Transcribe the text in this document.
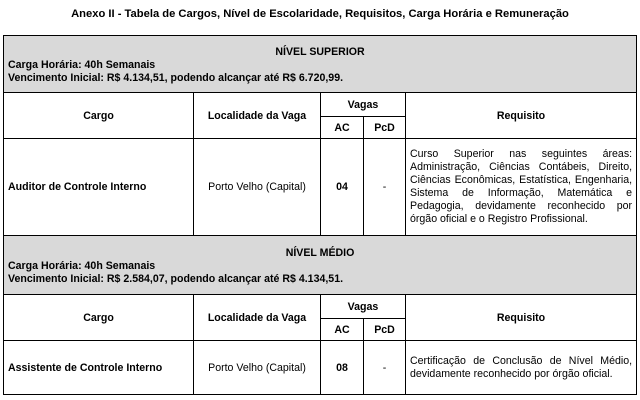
Anexo II - Tabela de Cargos, Nível de Escolaridade, Requisitos, Carga Horária e Remuneração
NÍVEL SUPERIOR
Carga Horária: 40h Semanais
Vencimento Inicial: R$ 4.134,51, podendo alcançar até R$ 6.720,99.				

Cargo	Localidade da Vaga	Vagas		Requisito
		AC	PcD	
Auditor de Controle Interno	Porto Velho (Capital)	04	-	Curso Superior nas seguintes áreas: Administração, Ciências Contábeis, Direito, Ciências Econômicas, Estatística, Engenharia, Sistema de Informação, Matemática e Pedagogia, devidamente reconhecido por órgão oficial e o Registro Profissional.

NÍVEL MÉDIO
Carga Horária: 40h Semanais
Vencimento Inicial: R$ 2.584,07, podendo alcançar até R$ 4.134,51.				

Cargo	Localidade da Vaga	Vagas		Requisito
		AC	PcD	
Assistente de Controle Interno	Porto Velho (Capital)	08	-	Certificação de Conclusão de Nível Médio, devidamente reconhecido por órgão oficial.
